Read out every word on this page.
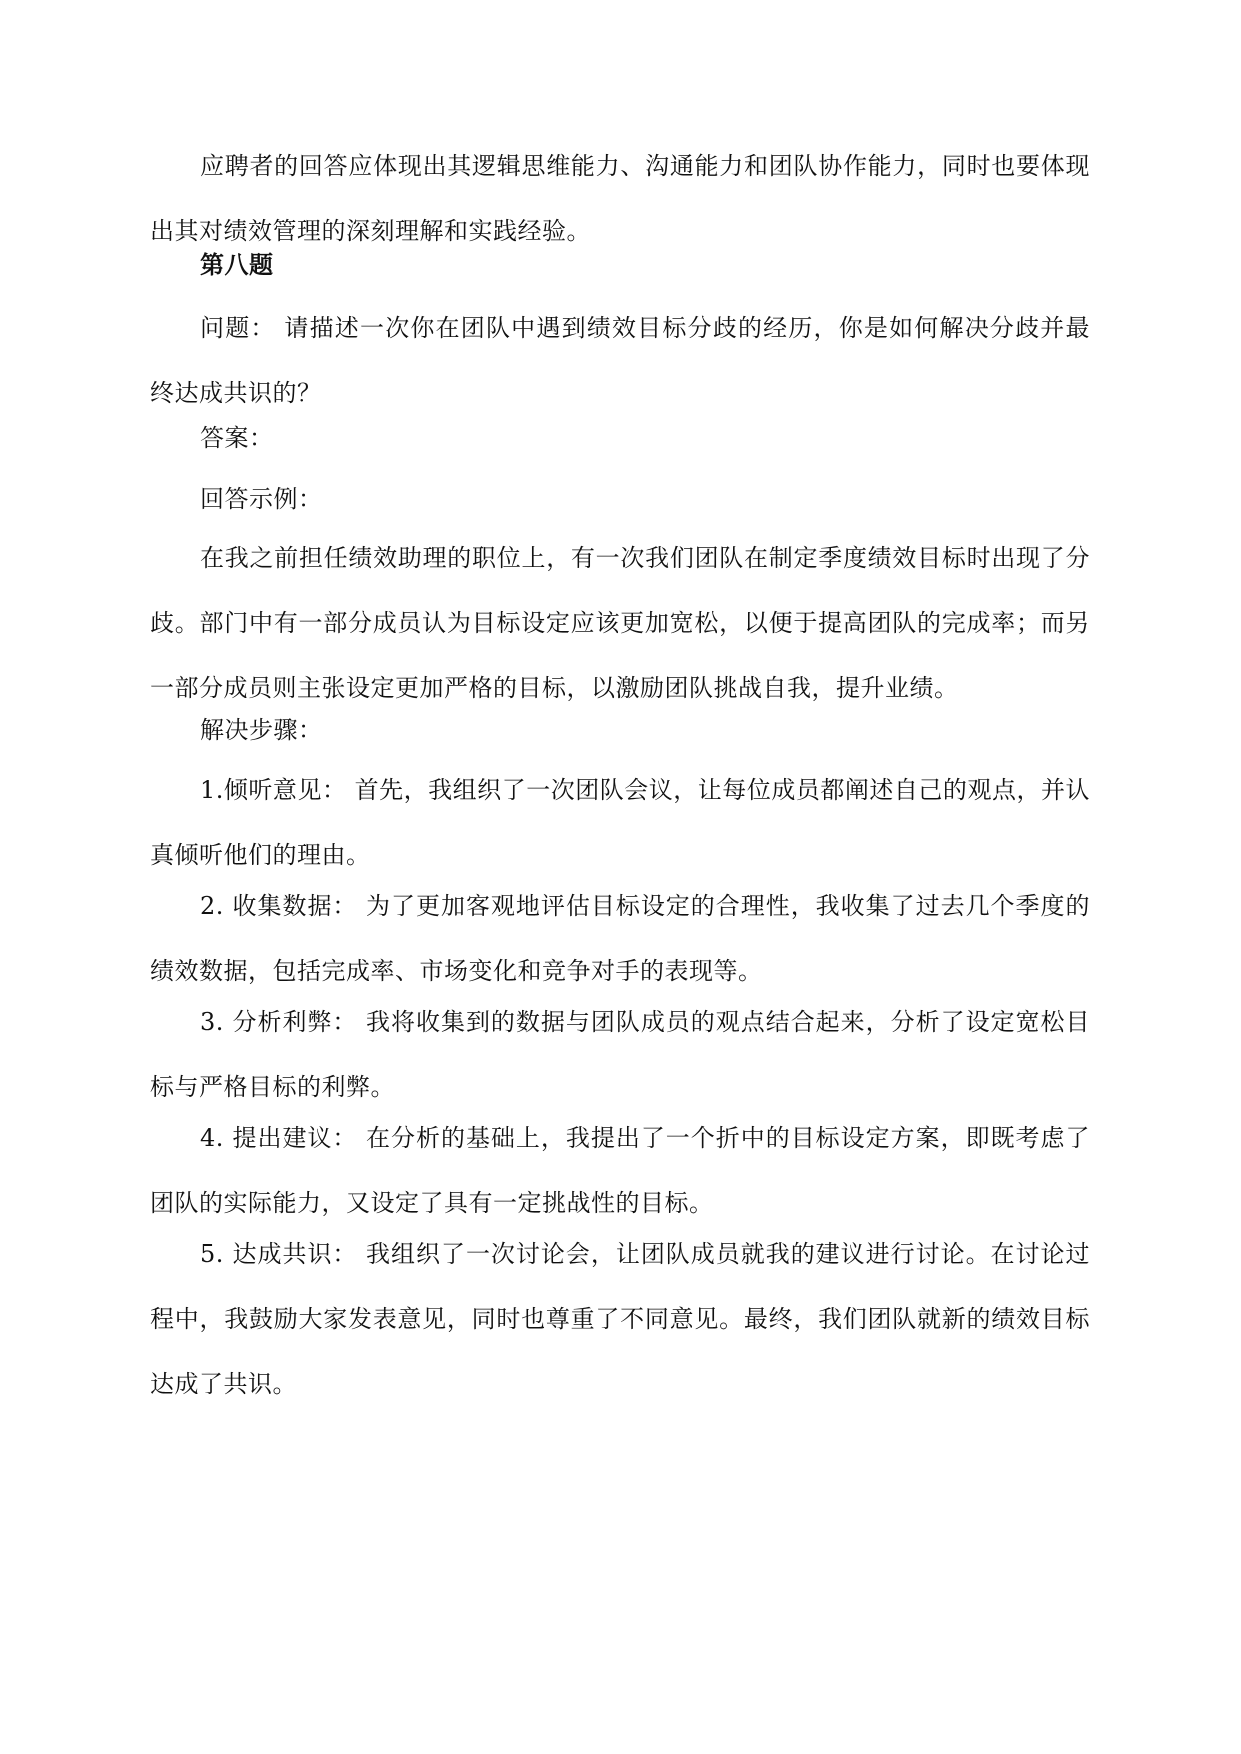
应聘者的回答应体现出其逻辑思维能力、沟通能力和团队协作能力，同时也要体现出其对绩效管理的深刻理解和实践经验。

第八题

问题： 请描述一次你在团队中遇到绩效目标分歧的经历，你是如何解决分歧并最终达成共识的？

答案：

回答示例：

在我之前担任绩效助理的职位上，有一次我们团队在制定季度绩效目标时出现了分歧。部门中有一部分成员认为目标设定应该更加宽松，以便于提高团队的完成率；而另一部分成员则主张设定更加严格的目标，以激励团队挑战自我，提升业绩。

解决步骤：

1.倾听意见： 首先，我组织了一次团队会议，让每位成员都阐述自己的观点，并认真倾听他们的理由。

2. 收集数据： 为了更加客观地评估目标设定的合理性，我收集了过去几个季度的绩效数据，包括完成率、市场变化和竞争对手的表现等。

3. 分析利弊： 我将收集到的数据与团队成员的观点结合起来，分析了设定宽松目标与严格目标的利弊。

4. 提出建议： 在分析的基础上，我提出了一个折中的目标设定方案，即既考虑了团队的实际能力，又设定了具有一定挑战性的目标。

5. 达成共识： 我组织了一次讨论会，让团队成员就我的建议进行讨论。在讨论过程中，我鼓励大家发表意见，同时也尊重了不同意见。最终，我们团队就新的绩效目标达成了共识。
